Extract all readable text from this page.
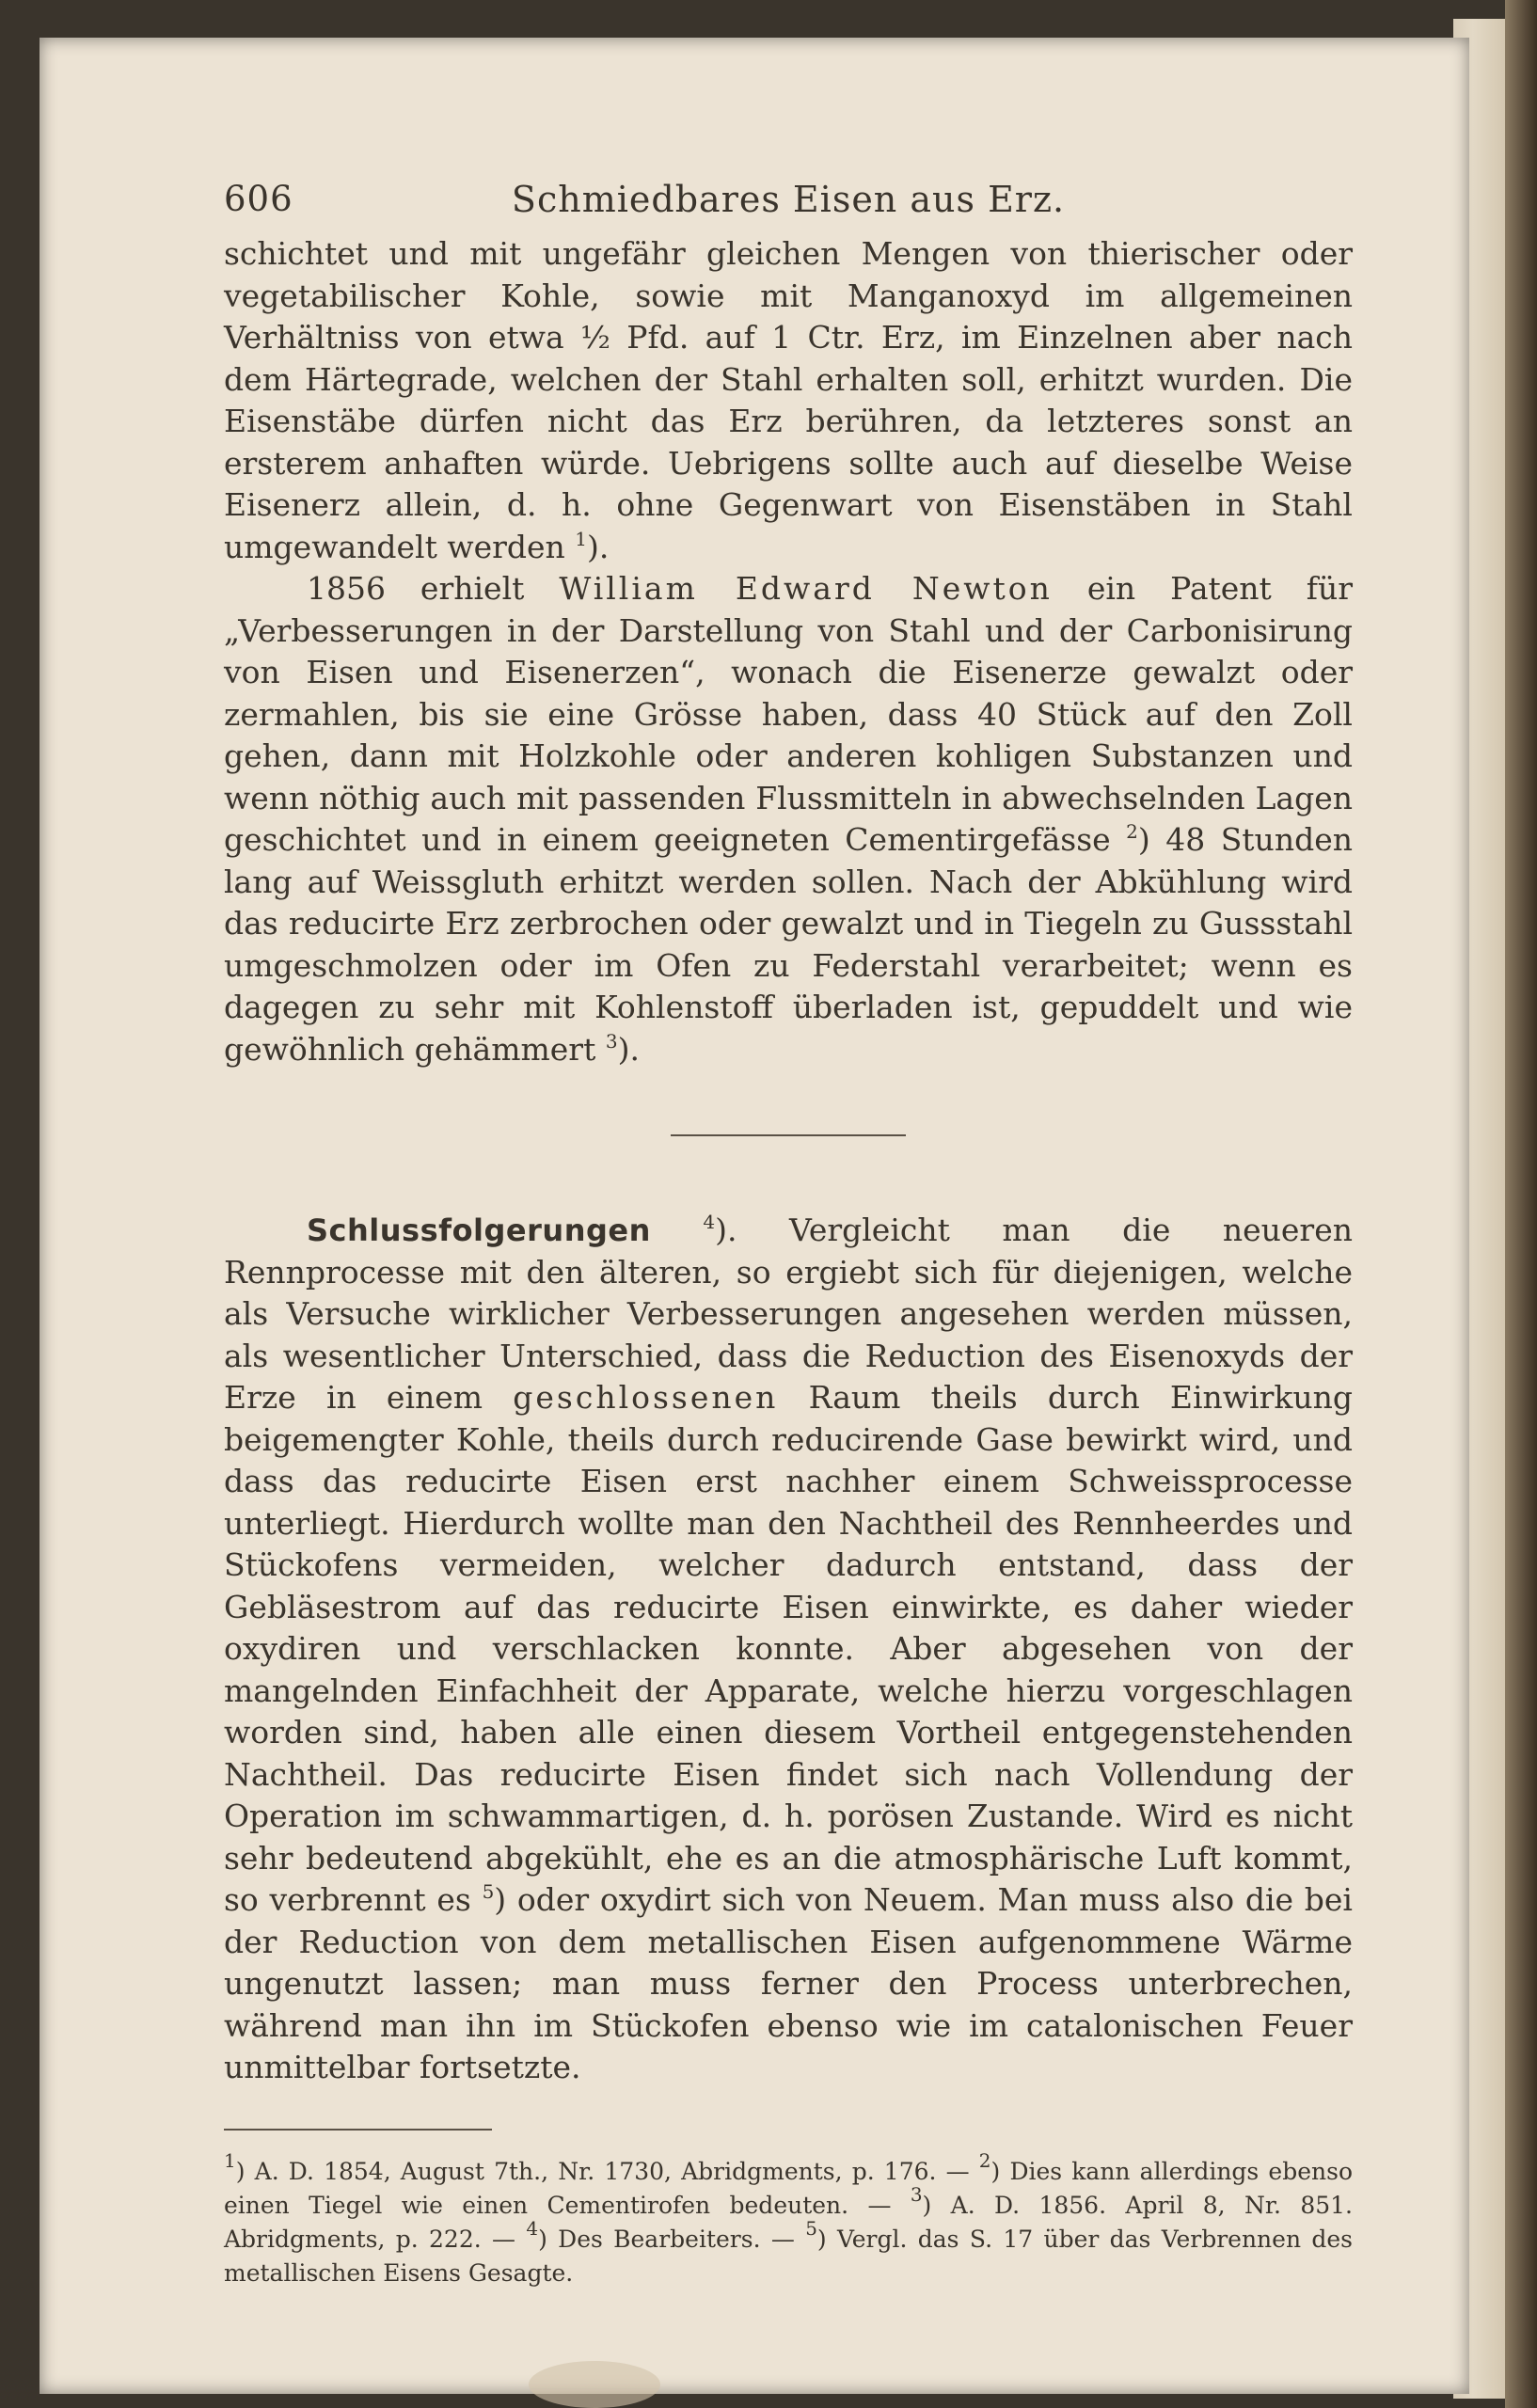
606	Schmiedbares Eisen aus Erz.

schichtet und mit ungefähr gleichen Mengen von thierischer oder vegetabilischer Kohle, sowie mit Manganoxyd im allgemeinen Verhältniss von etwa ½ Pfd. auf 1 Ctr. Erz, im Einzelnen aber nach dem Härtegrade, welchen der Stahl erhalten soll, erhitzt wurden. Die Eisenstäbe dürfen nicht das Erz berühren, da letzteres sonst an ersterem anhaften würde. Uebrigens sollte auch auf dieselbe Weise Eisenerz allein, d. h. ohne Gegenwart von Eisenstäben in Stahl umgewandelt werden $^1$).

1856 erhielt William Edward Newton ein Patent für „Verbesserungen in der Darstellung von Stahl und der Carbonisirung von Eisen und Eisenerzen“, wonach die Eisenerze gewalzt oder zermahlen, bis sie eine Grösse haben, dass 40 Stück auf den Zoll gehen, dann mit Holzkohle oder anderen kohligen Substanzen und wenn nöthig auch mit passenden Flussmitteln in abwechselnden Lagen geschichtet und in einem geeigneten Cementirgefässe $^2$) 48 Stunden lang auf Weissgluth erhitzt werden sollen. Nach der Abkühlung wird das reducirte Erz zerbrochen oder gewalzt und in Tiegeln zu Gussstahl umgeschmolzen oder im Ofen zu Federstahl verarbeitet; wenn es dagegen zu sehr mit Kohlenstoff überladen ist, gepuddelt und wie gewöhnlich gehämmert $^3$).

Schlussfolgerungen	$^4$). Vergleicht man die neueren Rennprocesse mit den älteren, so ergiebt sich für diejenigen, welche als Versuche wirklicher Verbesserungen angesehen werden müssen, als wesentlicher Unterschied, dass die Reduction des Eisenoxyds der Erze in einem geschlossenen Raum theils durch Einwirkung beigemengter Kohle, theils durch reducirende Gase bewirkt wird, und dass das reducirte Eisen erst nachher einem Schweissprocesse unterliegt. Hierdurch wollte man den Nachtheil des Rennheerdes und Stückofens vermeiden, welcher dadurch entstand, dass der Gebläsestrom auf das reducirte Eisen einwirkte, es daher wieder oxydiren und verschlacken konnte. Aber abgesehen von der mangelnden Einfachheit der Apparate, welche hierzu vorgeschlagen worden sind, haben alle einen diesem Vortheil entgegenstehenden Nachtheil. Das reducirte Eisen findet sich nach Vollendung der Operation im schwammartigen, d. h. porösen Zustande. Wird es nicht sehr bedeutend abgekühlt, ehe es an die atmosphärische Luft kommt, so verbrennt es $^5$) oder oxydirt sich von Neuem. Man muss also die bei der Reduction von dem metallischen Eisen aufgenommene Wärme ungenutzt lassen; man muss ferner den Process unterbrechen, während man ihn im Stückofen ebenso wie im catalonischen Feuer unmittelbar fortsetzte.

$^1$) A. D. 1854, August 7th., Nr. 1730, Abridgments, p. 176. — $^2$) Dies kann allerdings ebenso einen Tiegel wie einen Cementirofen bedeuten. — $^3$) A. D. 1856. April 8, Nr. 851. Abridgments, p. 222. — $^4$) Des Bearbeiters. — $^5$) Vergl. das S. 17 über das Verbrennen des metallischen Eisens Gesagte.
